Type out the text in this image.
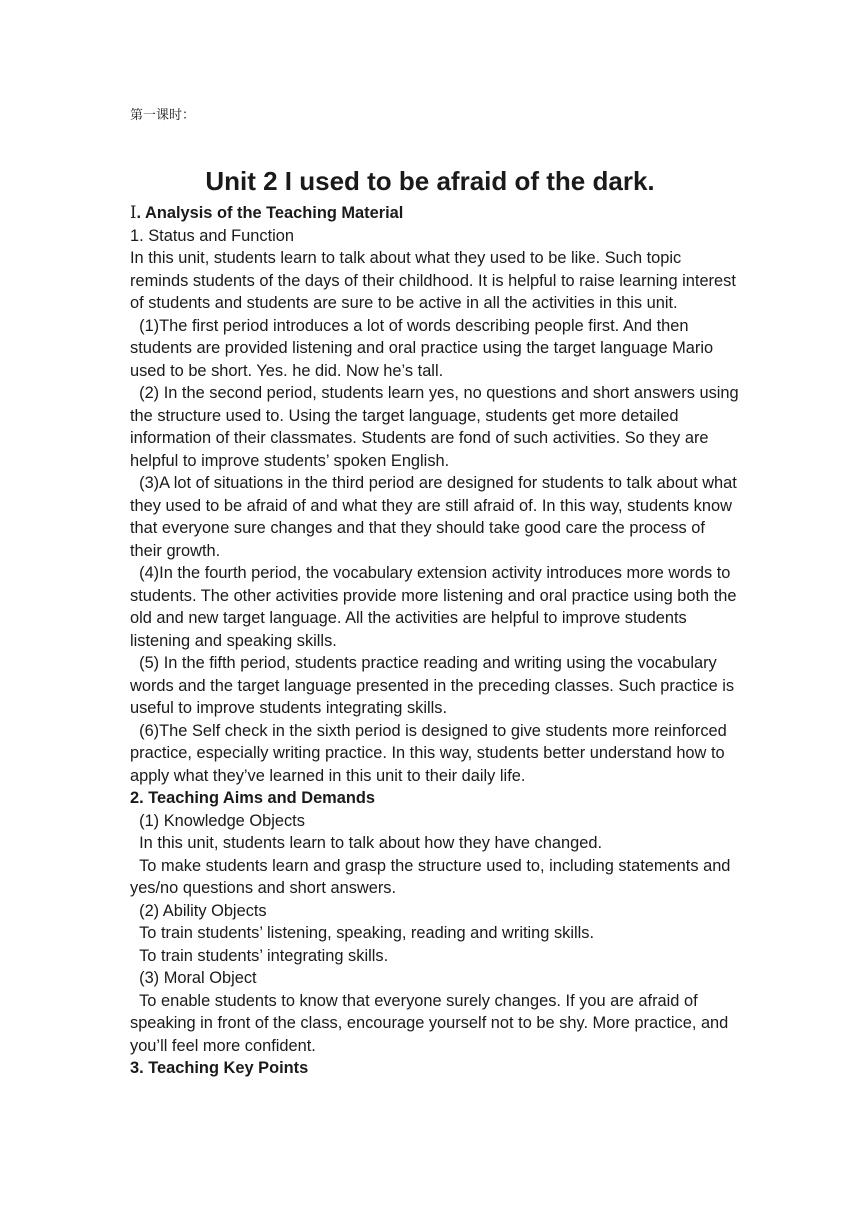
第一课时：

Unit 2 I used to be afraid of the dark.

Ⅰ. Analysis of the Teaching Material

1. Status and Function

In this unit, students learn to talk about what they used to be like. Such topic reminds students of the days of their childhood. It is helpful to raise learning interest of students and students are sure to be active in all the activities in this unit.

(1)The first period introduces a lot of words describing people first. And then students are provided listening and oral practice using the target language Mario used to be short. Yes. he did. Now he’s tall.

(2) In the second period, students learn yes, no questions and short answers using the structure used to. Using the target language, students get more detailed information of their classmates. Students are fond of such activities. So they are helpful to improve students’ spoken English.

(3)A lot of situations in the third period are designed for students to talk about what they used to be afraid of and what they are still afraid of. In this way, students know that everyone sure changes and that they should take good care the process of their growth.

(4)In the fourth period, the vocabulary extension activity introduces more words to students. The other activities provide more listening and oral practice using both the old and new target language. All the activities are helpful to improve students listening and speaking skills.

(5) In the fifth period, students practice reading and writing using the vocabulary words and the target language presented in the preceding classes. Such practice is useful to improve students integrating skills.

(6)The Self check in the sixth period is designed to give students more reinforced practice, especially writing practice. In this way, students better understand how to apply what they’ve learned in this unit to their daily life.

2. Teaching Aims and Demands

(1) Knowledge Objects

In this unit, students learn to talk about how they have changed.

To make students learn and grasp the structure used to, including statements and yes/no questions and short answers.

(2) Ability Objects

To train students’ listening, speaking, reading and writing skills.

To train students’ integrating skills.

(3) Moral Object

To enable students to know that everyone surely changes. If you are afraid of speaking in front of the class, encourage yourself not to be shy. More practice, and you’ll feel more confident.

3. Teaching Key Points
